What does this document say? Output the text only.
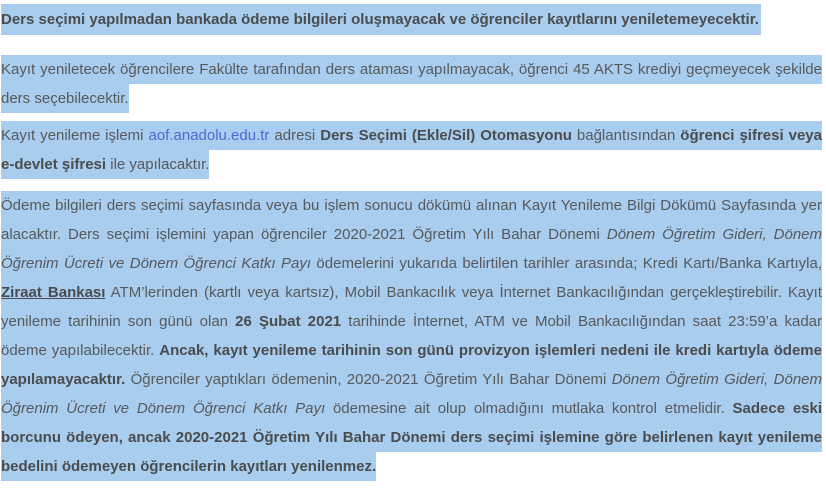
Ders seçimi yapılmadan bankada ödeme bilgileri oluşmayacak ve öğrenciler kayıtlarını yeniletemeyecektir.

Kayıt yeniletecek öğrencilere Fakülte tarafından ders ataması yapılmayacak, öğrenci 45 AKTS krediyi geçmeyecek şekilde ders seçebilecektir.

Kayıt yenileme işlemi aof.anadolu.edu.tr adresi Ders Seçimi (Ekle/Sil) Otomasyonu bağlantısından öğrenci şifresi veya e-devlet şifresi ile yapılacaktır.

Ödeme bilgileri ders seçimi sayfasında veya bu işlem sonucu dökümü alınan Kayıt Yenileme Bilgi Dökümü Sayfasında yer alacaktır. Ders seçimi işlemini yapan öğrenciler 2020-2021 Öğretim Yılı Bahar Dönemi Dönem Öğretim Gideri, Dönem Öğrenim Ücreti ve Dönem Öğrenci Katkı Payı ödemelerini yukarıda belirtilen tarihler arasında; Kredi Kartı/Banka Kartıyla, Ziraat Bankası ATM’lerinden (kartlı veya kartsız), Mobil Bankacılık veya İnternet Bankacılığından gerçekleştirebilir. Kayıt yenileme tarihinin son günü olan 26 Şubat 2021 tarihinde İnternet, ATM ve Mobil Bankacılığından saat 23:59’a kadar ödeme yapılabilecektir. Ancak, kayıt yenileme tarihinin son günü provizyon işlemleri nedeni ile kredi kartıyla ödeme yapılamayacaktır. Öğrenciler yaptıkları ödemenin, 2020-2021 Öğretim Yılı Bahar Dönemi Dönem Öğretim Gideri, Dönem Öğrenim Ücreti ve Dönem Öğrenci Katkı Payı ödemesine ait olup olmadığını mutlaka kontrol etmelidir. Sadece eski borcunu ödeyen, ancak 2020-2021 Öğretim Yılı Bahar Dönemi ders seçimi işlemine göre belirlenen kayıt yenileme bedelini ödemeyen öğrencilerin kayıtları yenilenmez.
